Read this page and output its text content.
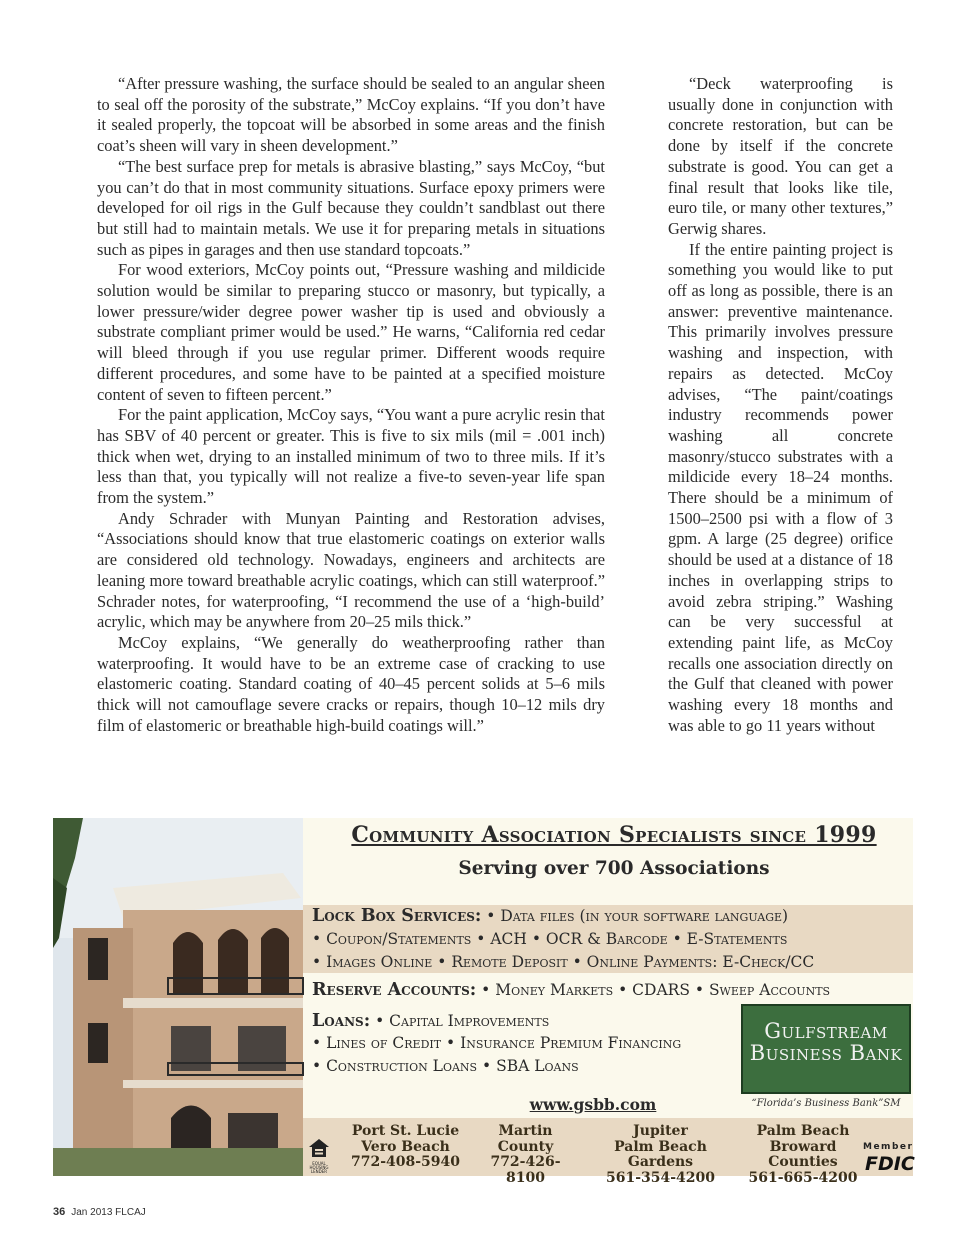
“After pressure washing, the surface should be sealed to an angular sheen to seal off the porosity of the substrate,” McCoy explains. “If you don’t have it sealed properly, the topcoat will be absorbed in some areas and the finish coat’s sheen will vary in sheen development.”

“The best surface prep for metals is abrasive blasting,” says McCoy, “but you can’t do that in most community situations. Surface epoxy primers were developed for oil rigs in the Gulf because they couldn’t sandblast out there but still had to maintain metals. We use it for preparing metals in situations such as pipes in garages and then use standard topcoats.”

For wood exteriors, McCoy points out, “Pressure washing and mildicide solution would be similar to preparing stucco or masonry, but typically, a lower pressure/wider degree power washer tip is used and obviously a substrate compliant primer would be used.” He warns, “California red cedar will bleed through if you use regular primer. Different woods require different procedures, and some have to be painted at a specified moisture content of seven to fifteen percent.”

For the paint application, McCoy says, “You want a pure acrylic resin that has SBV of 40 percent or greater. This is five to six mils (mil = .001 inch) thick when wet, drying to an installed minimum of two to three mils. If it’s less than that, you typically will not realize a five-to seven-year life span from the system.”

Andy Schrader with Munyan Painting and Restoration advises, “Associations should know that true elastomeric coatings on exterior walls are considered old technology. Nowadays, engineers and architects are leaning more toward breathable acrylic coatings, which can still waterproof.” Schrader notes, for waterproofing, “I recommend the use of a ‘high-build’ acrylic, which may be anywhere from 20–25 mils thick.”

McCoy explains, “We generally do weatherproofing rather than waterproofing. It would have to be an extreme case of cracking to use elastomeric coating. Standard coating of 40–45 percent solids at 5–6 mils thick will not camouflage severe cracks or repairs, though 10–12 mils dry film of elastomeric or breathable high-build coatings will.”

“Deck waterproofing is usually done in conjunction with concrete restoration, but can be done by itself if the concrete substrate is good. You can get a final result that looks like tile, euro tile, or many other textures,” Gerwig shares.

If the entire painting project is something you would like to put off as long as possible, there is an answer: preventive maintenance. This primarily involves pressure washing and inspection, with repairs as detected. McCoy advises, “The paint/coatings industry recommends power washing all concrete masonry/stucco substrates with a mildicide every 18–24 months. There should be a minimum of 1500–2500 psi with a flow of 3 gpm. A large (25 degree) orifice should be used at a distance of 18 inches in overlapping strips to avoid zebra striping.” Washing can be very successful at extending paint life, as McCoy recalls one association directly on the Gulf that cleaned with power washing every 18 months and was able to go 11 years without

Community Association Specialists since 1999
Serving over 700 Associations
Lock Box Services: • Data files (in your software language)
• Coupon/Statements • ACH • OCR & Barcode • E-Statements
• Images Online • Remote Deposit • Online Payments: E-Check/CC
Reserve Accounts: • Money Markets • CDARS • Sweep Accounts
Loans: • Capital Improvements
• Lines of Credit • Insurance Premium Financing
• Construction Loans • SBA Loans
Gulfstream
Business Bank
“Florida’s Business Bank”SM
www.gsbb.com
EQUAL HOUSING LENDER
Port St. Lucie
Vero Beach
772-408-5940
Martin
County
772-426-8100
Jupiter
Palm Beach Gardens
561-354-4200
Palm Beach
Broward Counties
561-665-4200
Member
FDIC
36 Jan 2013 FLCAJ
